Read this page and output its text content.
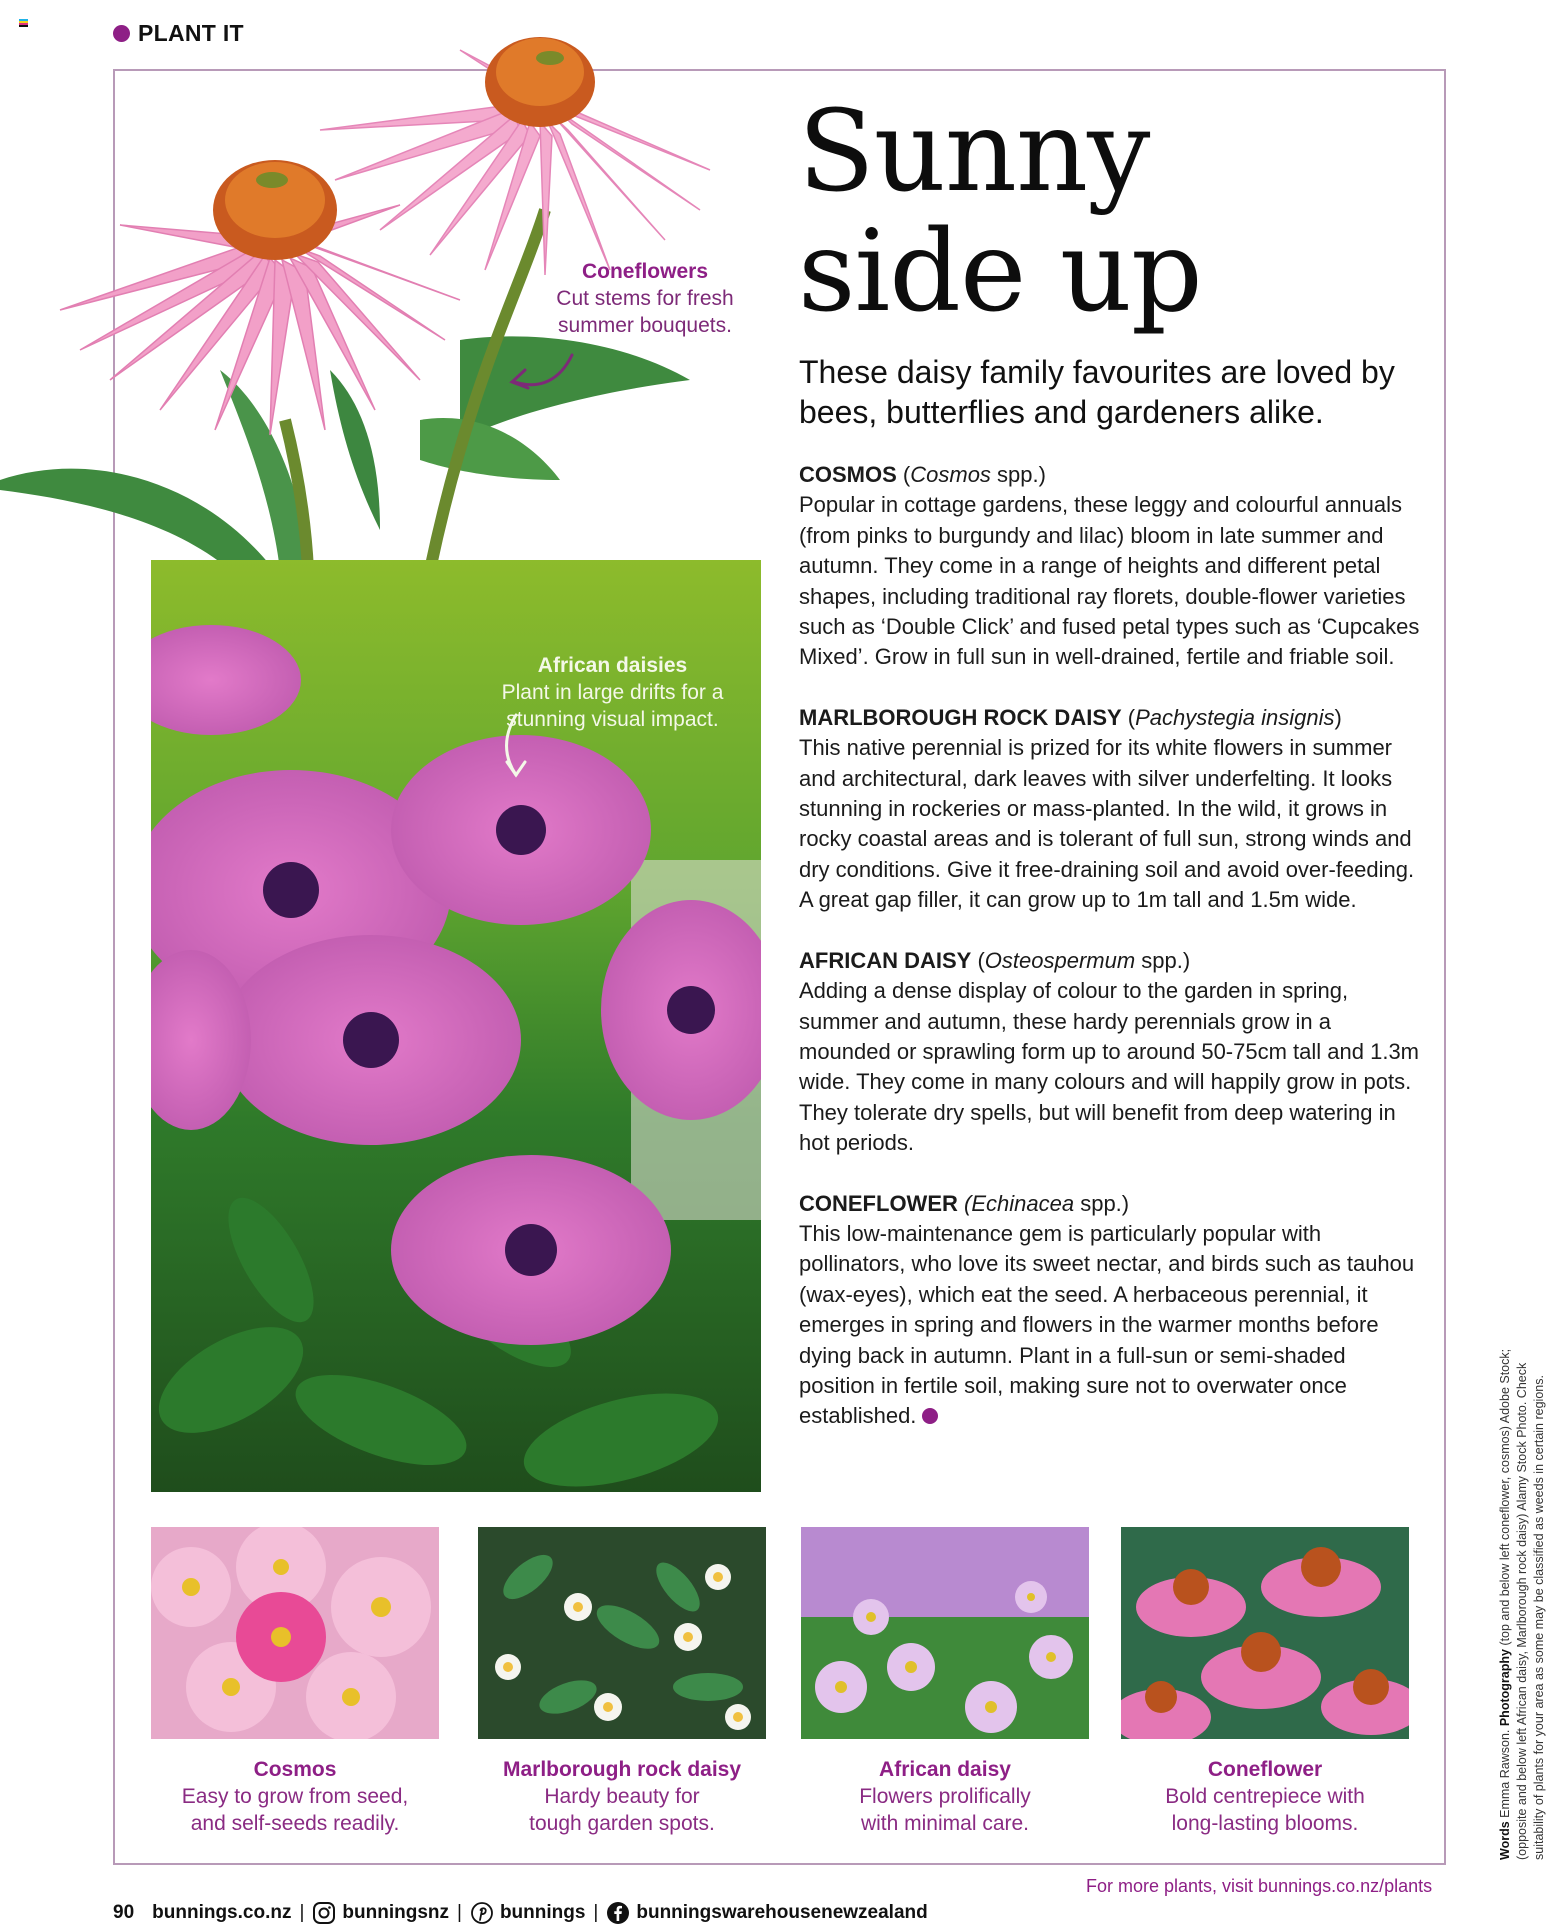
PLANT IT
Coneflowers
Cut stems for fresh
summer bouquets.
African daisies
Plant in large drifts for a
stunning visual impact.
Sunny
side up
These daisy family favourites are loved by bees, butterflies and gardeners alike.
COSMOS (Cosmos spp.)
Popular in cottage gardens, these leggy and colourful annuals (from pinks to burgundy and lilac) bloom in late summer and autumn. They come in a range of heights and different petal shapes, including traditional ray florets, double-flower varieties such as ‘Double Click’ and fused petal types such as ‘Cupcakes Mixed’. Grow in full sun in well-drained, fertile and friable soil.
MARLBOROUGH ROCK DAISY (Pachystegia insignis)
This native perennial is prized for its white flowers in summer and architectural, dark leaves with silver underfelting. It looks stunning in rockeries or mass-planted. In the wild, it grows in rocky coastal areas and is tolerant of full sun, strong winds and dry conditions. Give it free-draining soil and avoid over-feeding. A great gap filler, it can grow up to 1m tall and 1.5m wide.
AFRICAN DAISY (Osteospermum spp.)
Adding a dense display of colour to the garden in spring, summer and autumn, these hardy perennials grow in a mounded or sprawling form up to around 50-75cm tall and 1.3m wide. They come in many colours and will happily grow in pots. They tolerate dry spells, but will benefit from deep watering in hot periods.
CONEFLOWER (Echinacea spp.)
This low-maintenance gem is particularly popular with pollinators, who love its sweet nectar, and birds such as tauhou (wax-eyes), which eat the seed. A herbaceous perennial, it emerges in spring and flowers in the warmer months before dying back in autumn. Plant in a full-sun or semi-shaded position in fertile soil, making sure not to overwater once established.
Cosmos
Easy to grow from seed,
and self-seeds readily.
Marlborough rock daisy
Hardy beauty for
tough garden spots.
African daisy
Flowers prolifically
with minimal care.
Coneflower
Bold centrepiece with
long-lasting blooms.	Words Emma Rawson. Photography (top and below left coneflower, cosmos) Adobe Stock; (opposite and below left African daisy, Marlborough rock daisy) Alamy Stock Photo. Check suitability of plants for your area as some may be classified as weeds in certain regions.
For more plants, visit bunnings.co.nz/plants
90 bunnings.co.nz | bunningsnz | bunnings | bunningswarehousenewzealand
